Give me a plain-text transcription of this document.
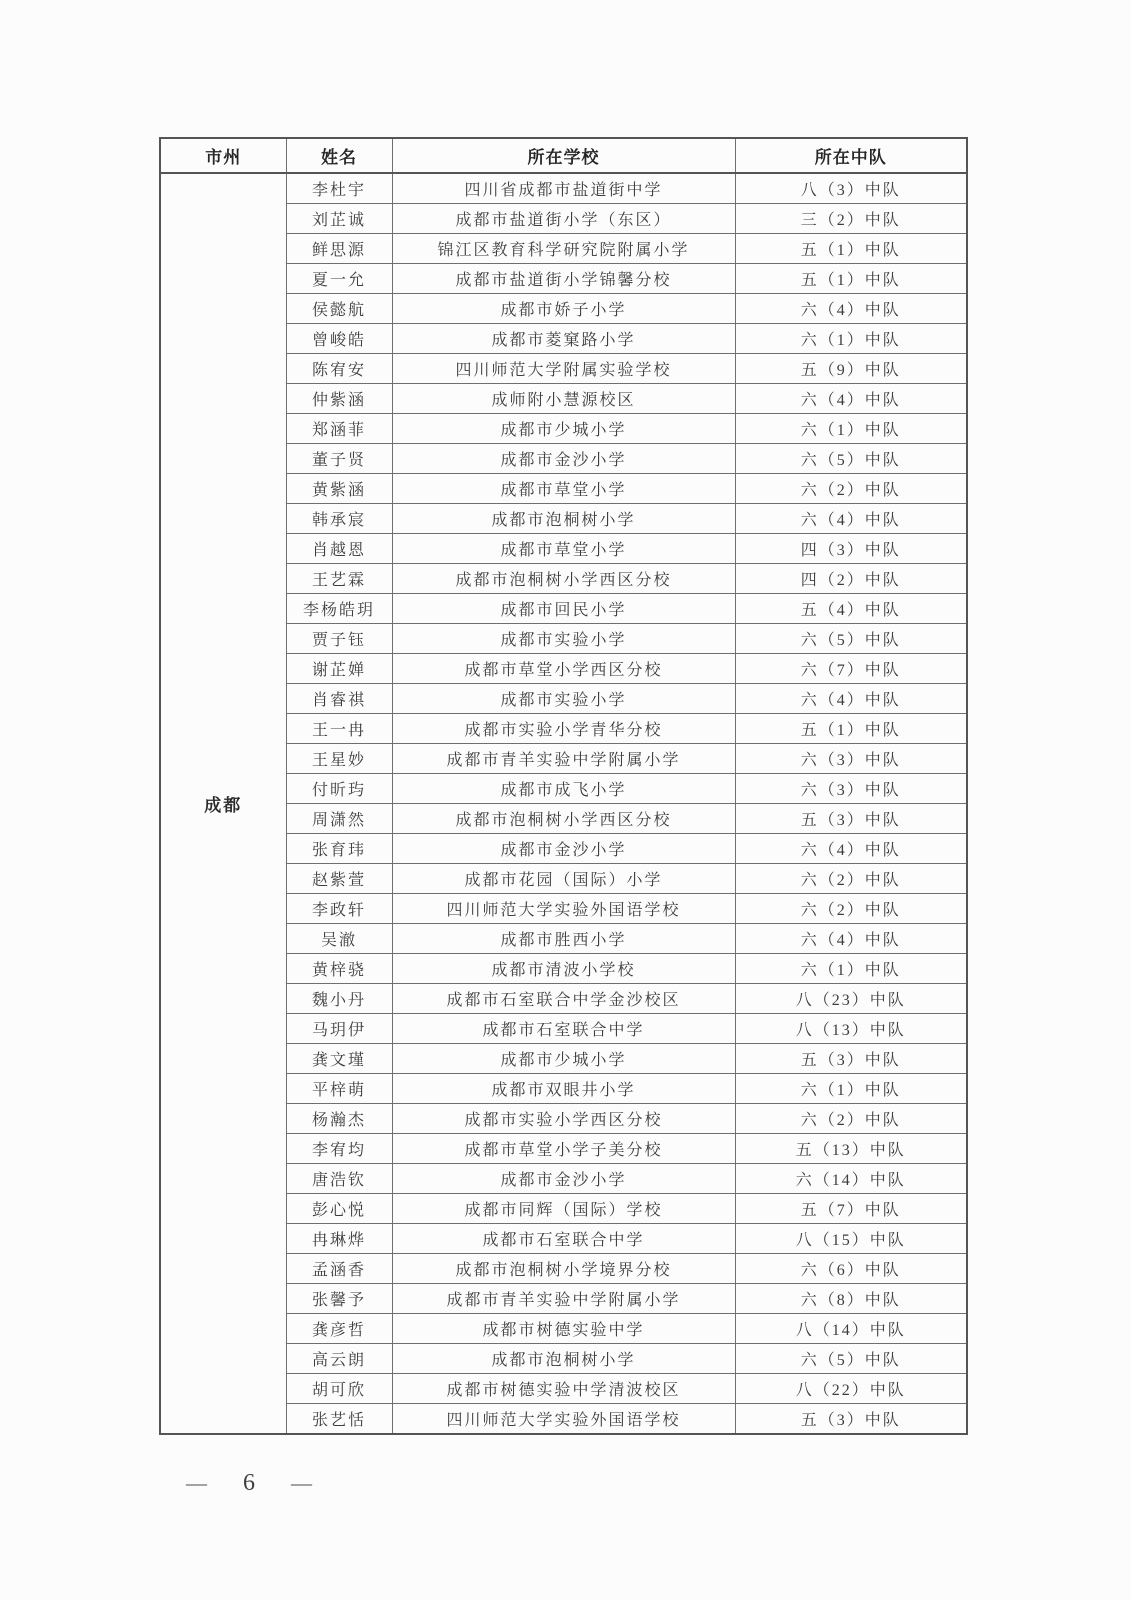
市州	姓名	所在学校	所在中队
成都	李杜宇	四川省成都市盐道街中学	八（3）中队
	刘芷诚	成都市盐道街小学（东区）	三（2）中队
	鲜思源	锦江区教育科学研究院附属小学	五（1）中队
	夏一允	成都市盐道街小学锦馨分校	五（1）中队
	侯懿航	成都市娇子小学	六（4）中队
	曾峻皓	成都市菱窠路小学	六（1）中队
	陈宥安	四川师范大学附属实验学校	五（9）中队
	仲紫涵	成师附小慧源校区	六（4）中队
	郑涵菲	成都市少城小学	六（1）中队
	董子贤	成都市金沙小学	六（5）中队
	黄紫涵	成都市草堂小学	六（2）中队
	韩承宸	成都市泡桐树小学	六（4）中队
	肖越恩	成都市草堂小学	四（3）中队
	王艺霖	成都市泡桐树小学西区分校	四（2）中队
	李杨皓玥	成都市回民小学	五（4）中队
	贾子钰	成都市实验小学	六（5）中队
	谢芷婵	成都市草堂小学西区分校	六（7）中队
	肖睿祺	成都市实验小学	六（4）中队
	王一冉	成都市实验小学青华分校	五（1）中队
	王星妙	成都市青羊实验中学附属小学	六（3）中队
	付昕玙	成都市成飞小学	六（3）中队
	周潇然	成都市泡桐树小学西区分校	五（3）中队
	张育玮	成都市金沙小学	六（4）中队
	赵紫萱	成都市花园（国际）小学	六（2）中队
	李政轩	四川师范大学实验外国语学校	六（2）中队
	吴澈	成都市胜西小学	六（4）中队
	黄梓骁	成都市清波小学校	六（1）中队
	魏小丹	成都市石室联合中学金沙校区	八（23）中队
	马玥伊	成都市石室联合中学	八（13）中队
	龚文瑾	成都市少城小学	五（3）中队
	平梓萌	成都市双眼井小学	六（1）中队
	杨瀚杰	成都市实验小学西区分校	六（2）中队
	李宥均	成都市草堂小学子美分校	五（13）中队
	唐浩钦	成都市金沙小学	六（14）中队
	彭心悦	成都市同辉（国际）学校	五（7）中队
	冉琳烨	成都市石室联合中学	八（15）中队
	孟涵香	成都市泡桐树小学境界分校	六（6）中队
	张馨予	成都市青羊实验中学附属小学	六（8）中队
	龚彦哲	成都市树德实验中学	八（14）中队
	高云朗	成都市泡桐树小学	六（5）中队
	胡可欣	成都市树德实验中学清波校区	八（22）中队
	张艺恬	四川师范大学实验外国语学校	五（3）中队
— 6 —
